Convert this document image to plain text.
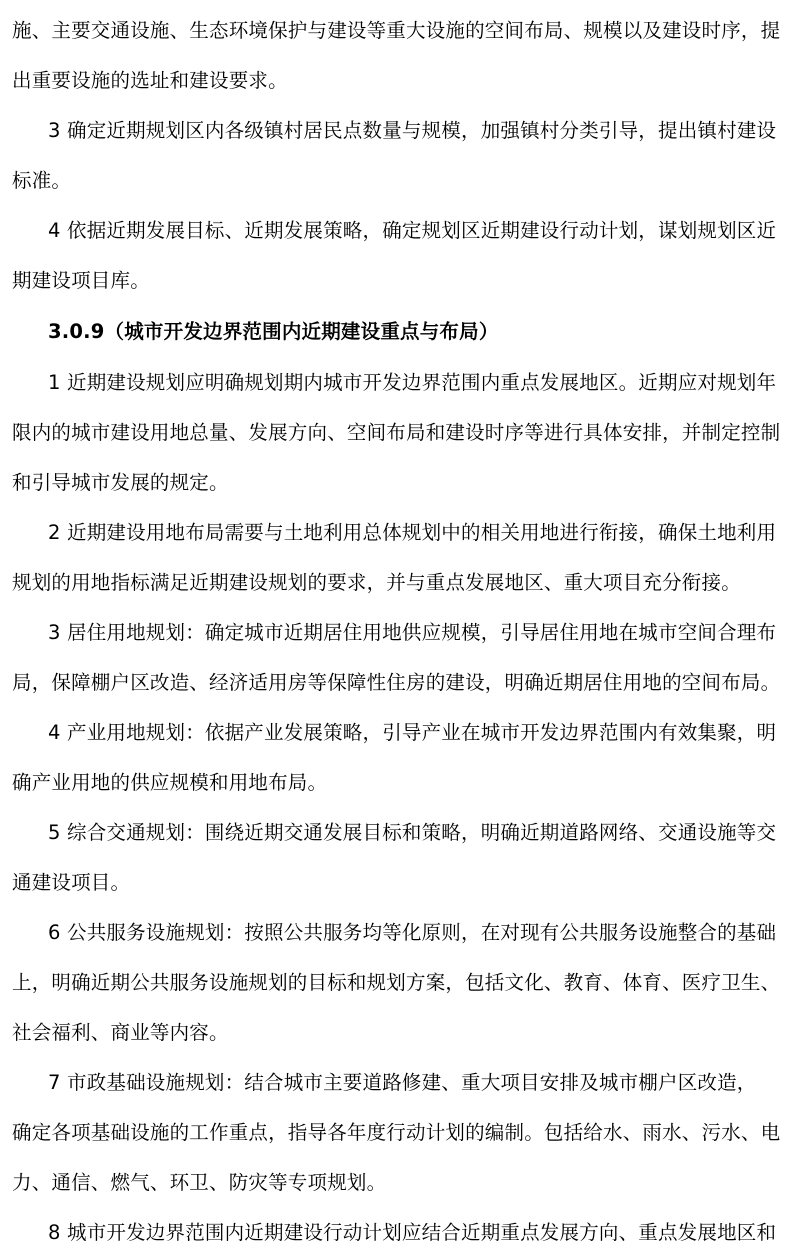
施、主要交通设施、生态环境保护与建设等重大设施的空间布局、规模以及建设时序，提

出重要设施的选址和建设要求。

3 确定近期规划区内各级镇村居民点数量与规模，加强镇村分类引导，提出镇村建设

标准。

4 依据近期发展目标、近期发展策略，确定规划区近期建设行动计划，谋划规划区近

期建设项目库。

3.0.9（城市开发边界范围内近期建设重点与布局）

1 近期建设规划应明确规划期内城市开发边界范围内重点发展地区。近期应对规划年

限内的城市建设用地总量、发展方向、空间布局和建设时序等进行具体安排，并制定控制

和引导城市发展的规定。

2 近期建设用地布局需要与土地利用总体规划中的相关用地进行衔接，确保土地利用

规划的用地指标满足近期建设规划的要求，并与重点发展地区、重大项目充分衔接。

3 居住用地规划：确定城市近期居住用地供应规模，引导居住用地在城市空间合理布

局，保障棚户区改造、经济适用房等保障性住房的建设，明确近期居住用地的空间布局。

4 产业用地规划：依据产业发展策略，引导产业在城市开发边界范围内有效集聚，明

确产业用地的供应规模和用地布局。

5 综合交通规划：围绕近期交通发展目标和策略，明确近期道路网络、交通设施等交

通建设项目。

6 公共服务设施规划：按照公共服务均等化原则，在对现有公共服务设施整合的基础

上，明确近期公共服务设施规划的目标和规划方案，包括文化、教育、体育、医疗卫生、

社会福利、商业等内容。

7 市政基础设施规划：结合城市主要道路修建、重大项目安排及城市棚户区改造，

确定各项基础设施的工作重点，指导各年度行动计划的编制。包括给水、雨水、污水、电

力、通信、燃气、环卫、防灾等专项规划。

8 城市开发边界范围内近期建设行动计划应结合近期重点发展方向、重点发展地区和
